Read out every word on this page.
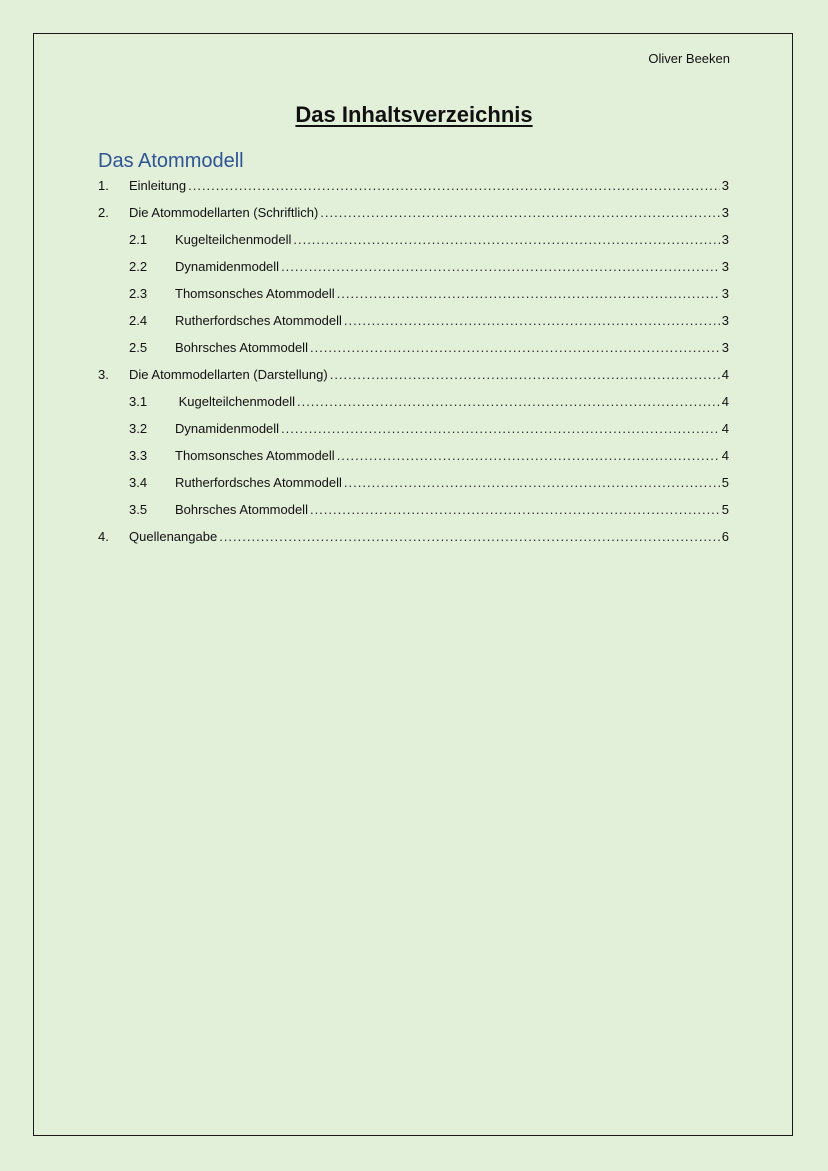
Oliver Beeken
Das Inhaltsverzeichnis
Das Atommodell
1.	Einleitung .....	3
2.	Die Atommodellarten (Schriftlich) .....	3
2.1	Kugelteilchenmodell .....	3
2.2	Dynamidenmodell .....	3
2.3	Thomsonsches Atommodell .....	3
2.4	Rutherfordsches Atommodell .....	3
2.5	Bohrsches Atommodell .....	3
3.	Die Atommodellarten (Darstellung) .....	4
3.1	Kugelteilchenmodell .....	4
3.2	Dynamidenmodell .....	4
3.3	Thomsonsches Atommodell .....	4
3.4	Rutherfordsches Atommodell .....	5
3.5	Bohrsches Atommodell .....	5
4.	Quellenangabe .....	6
